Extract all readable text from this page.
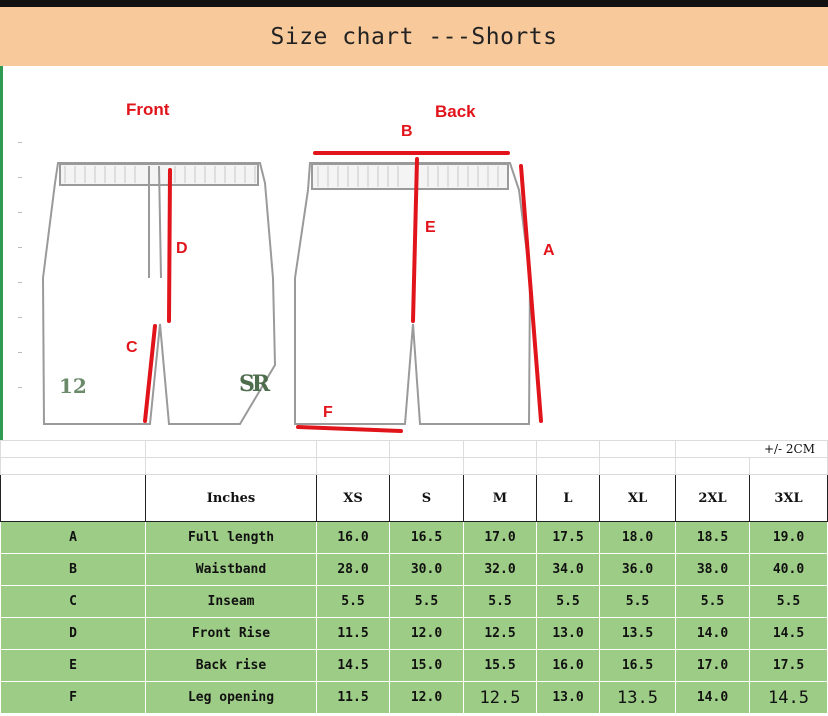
Size chart ---Shorts
Front	Back
B
A
E
D
C
F
12	SR
							+/- 2CM	

	Inches	XS	S	M	L	XL	2XL	3XL
A	Full length	16.0	16.5	17.0	17.5	18.0	18.5	19.0
B	Waistband	28.0	30.0	32.0	34.0	36.0	38.0	40.0
C	Inseam	5.5	5.5	5.5	5.5	5.5	5.5	5.5
D	Front Rise	11.5	12.0	12.5	13.0	13.5	14.0	14.5
E	Back rise	14.5	15.0	15.5	16.0	16.5	17.0	17.5
F	Leg opening	11.5	12.0	12.5	13.0	13.5	14.0	14.5
